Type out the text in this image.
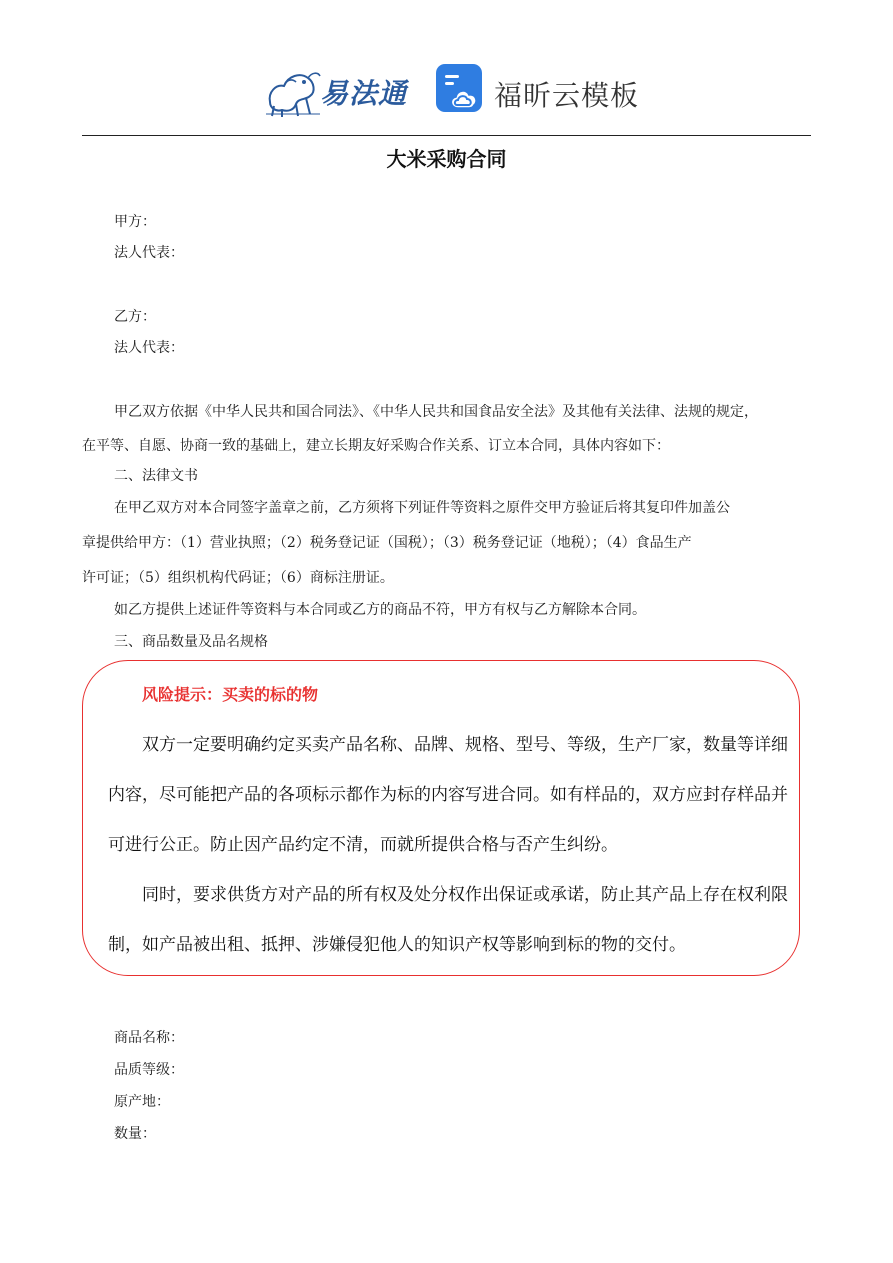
易法通	福昕云模板
大米采购合同
甲方：
法人代表：
乙方：
法人代表：
甲乙双方依据《中华人民共和国合同法》、《中华人民共和国食品安全法》及其他有关法律、法规的规定，
在平等、自愿、协商一致的基础上，建立长期友好采购合作关系、订立本合同，具体内容如下：
二、法律文书
在甲乙双方对本合同签字盖章之前，乙方须将下列证件等资料之原件交甲方验证后将其复印件加盖公
章提供给甲方：（1）营业执照；（2）税务登记证（国税）；（3）税务登记证（地税）；（4）食品生产
许可证；（5）组织机构代码证；（6）商标注册证。
如乙方提供上述证件等资料与本合同或乙方的商品不符，甲方有权与乙方解除本合同。
三、商品数量及品名规格
风险提示：买卖的标的物
双方一定要明确约定买卖产品名称、品牌、规格、型号、等级，生产厂家，数量等详细
内容，尽可能把产品的各项标示都作为标的内容写进合同。如有样品的，双方应封存样品并
可进行公正。防止因产品约定不清，而就所提供合格与否产生纠纷。
同时，要求供货方对产品的所有权及处分权作出保证或承诺，防止其产品上存在权利限
制，如产品被出租、抵押、涉嫌侵犯他人的知识产权等影响到标的物的交付。
商品名称：
品质等级：
原产地：
数量：
